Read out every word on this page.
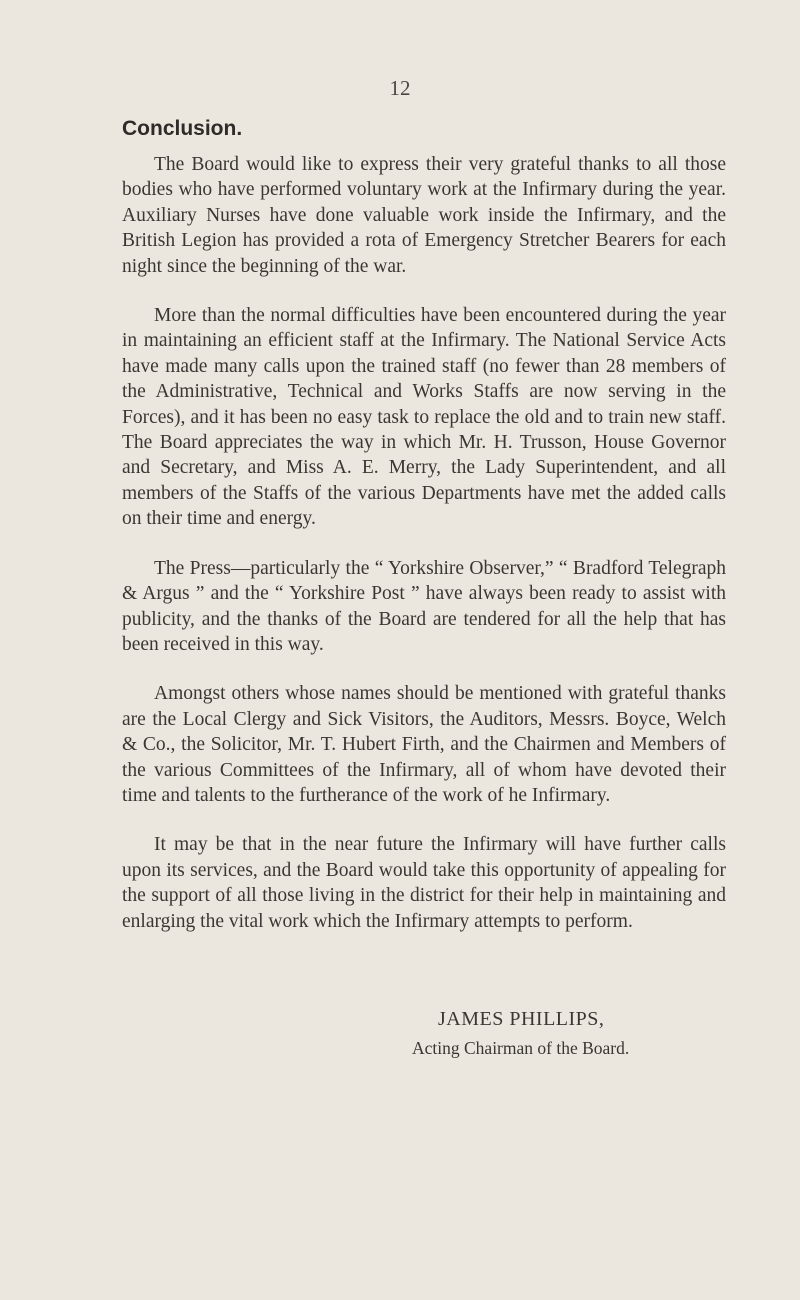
12
Conclusion.

The Board would like to express their very grateful thanks to all those bodies who have performed voluntary work at the Infirmary during the year. Auxiliary Nurses have done valuable work inside the Infirmary, and the British Legion has provided a rota of Emergency Stretcher Bearers for each night since the beginning of the war.

More than the normal difficulties have been encountered during the year in maintaining an efficient staff at the Infirmary. The National Service Acts have made many calls upon the trained staff (no fewer than 28 members of the Administrative, Technical and Works Staffs are now serving in the Forces), and it has been no easy task to replace the old and to train new staff. The Board appreciates the way in which Mr. H. Trusson, House Governor and Secretary, and Miss A. E. Merry, the Lady Superintendent, and all members of the Staffs of the various Departments have met the added calls on their time and energy.

The Press—particularly the “ Yorkshire Observer,” “ Bradford Telegraph & Argus ” and the “ Yorkshire Post ” have always been ready to assist with publicity, and the thanks of the Board are tendered for all the help that has been received in this way.

Amongst others whose names should be mentioned with grateful thanks are the Local Clergy and Sick Visitors, the Auditors, Messrs. Boyce, Welch & Co., the Solicitor, Mr. T. Hubert Firth, and the Chairmen and Members of the various Committees of the Infirmary, all of whom have devoted their time and talents to the furtherance of the work of he Infirmary.

It may be that in the near future the Infirmary will have further calls upon its services, and the Board would take this opportunity of appealing for the support of all those living in the district for their help in maintaining and enlarging the vital work which the Infirmary attempts to perform.

JAMES PHILLIPS,
Acting Chairman of the Board.
